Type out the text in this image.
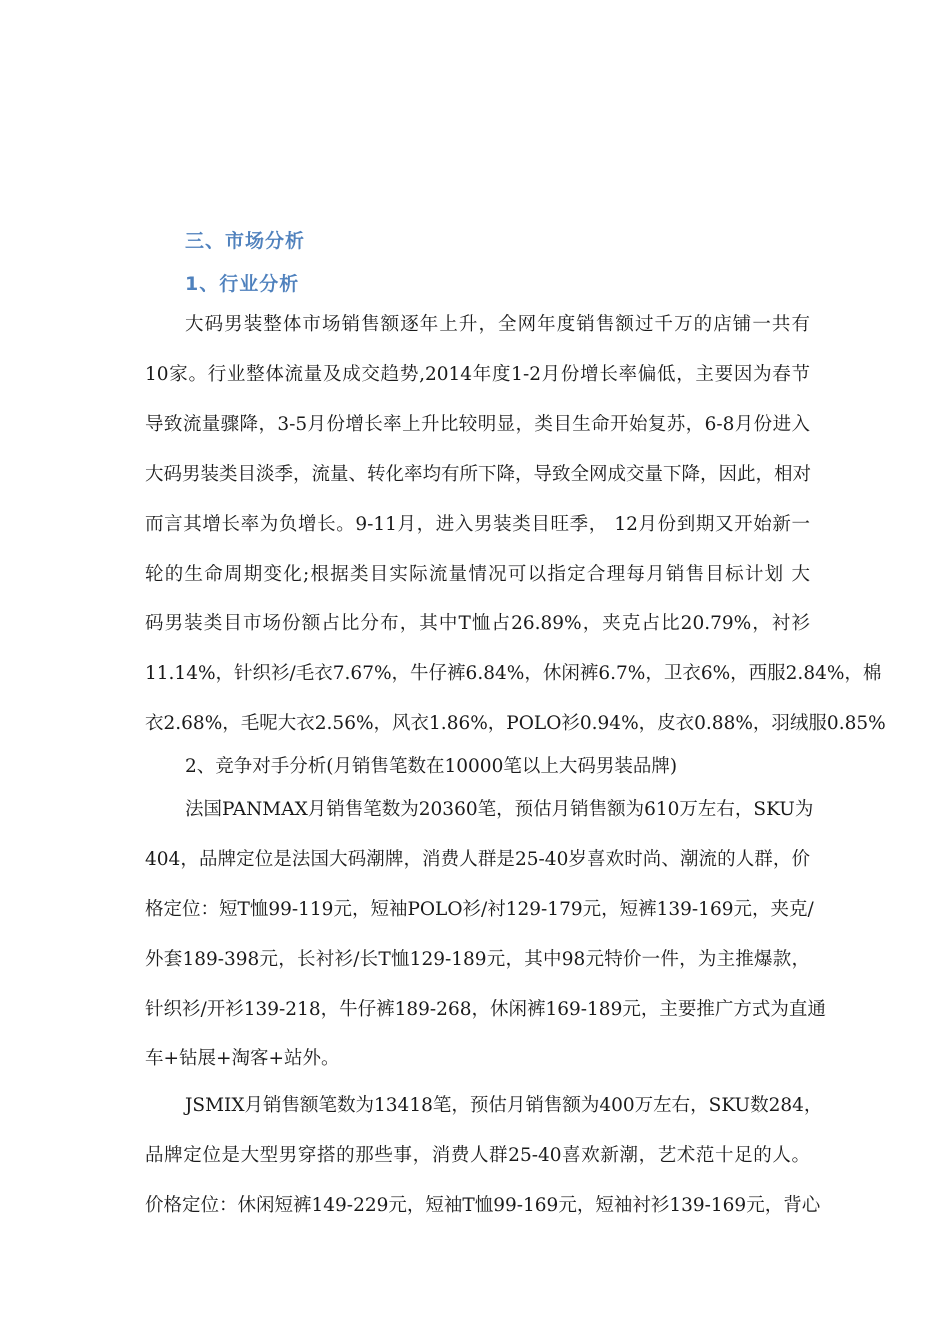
三、市场分析
1、行业分析
大码男装整体市场销售额逐年上升，全网年度销售额过千万的店铺一共有
10家。行业整体流量及成交趋势,2014年度1-2月份增长率偏低，主要因为春节
导致流量骤降，3-5月份增长率上升比较明显，类目生命开始复苏，6-8月份进入
大码男装类目淡季，流量、转化率均有所下降，导致全网成交量下降，因此，相对
而言其增长率为负增长。9-11月，进入男装类目旺季， 12月份到期又开始新一
轮的生命周期变化;根据类目实际流量情况可以指定合理每月销售目标计划 大
码男装类目市场份额占比分布，其中T恤占26.89%，夹克占比20.79%，衬衫
11.14%，针织衫/毛衣7.67%，牛仔裤6.84%，休闲裤6.7%，卫衣6%，西服2.84%，棉
衣2.68%，毛呢大衣2.56%，风衣1.86%，POLO衫0.94%，皮衣0.88%，羽绒服0.85%
2、竞争对手分析(月销售笔数在10000笔以上大码男装品牌)
法国PANMAX月销售笔数为20360笔，预估月销售额为610万左右，SKU为
404，品牌定位是法国大码潮牌，消费人群是25-40岁喜欢时尚、潮流的人群，价
格定位：短T恤99-119元，短袖POLO衫/衬129-179元，短裤139-169元，夹克/
外套189-398元，长衬衫/长T恤129-189元，其中98元特价一件，为主推爆款，
针织衫/开衫139-218，牛仔裤189-268，休闲裤169-189元，主要推广方式为直通
车+钻展+淘客+站外。
JSMIX月销售额笔数为13418笔，预估月销售额为400万左右，SKU数284，
品牌定位是大型男穿搭的那些事，消费人群25-40喜欢新潮，艺术范十足的人。
价格定位：休闲短裤149-229元，短袖T恤99-169元，短袖衬衫139-169元，背心
